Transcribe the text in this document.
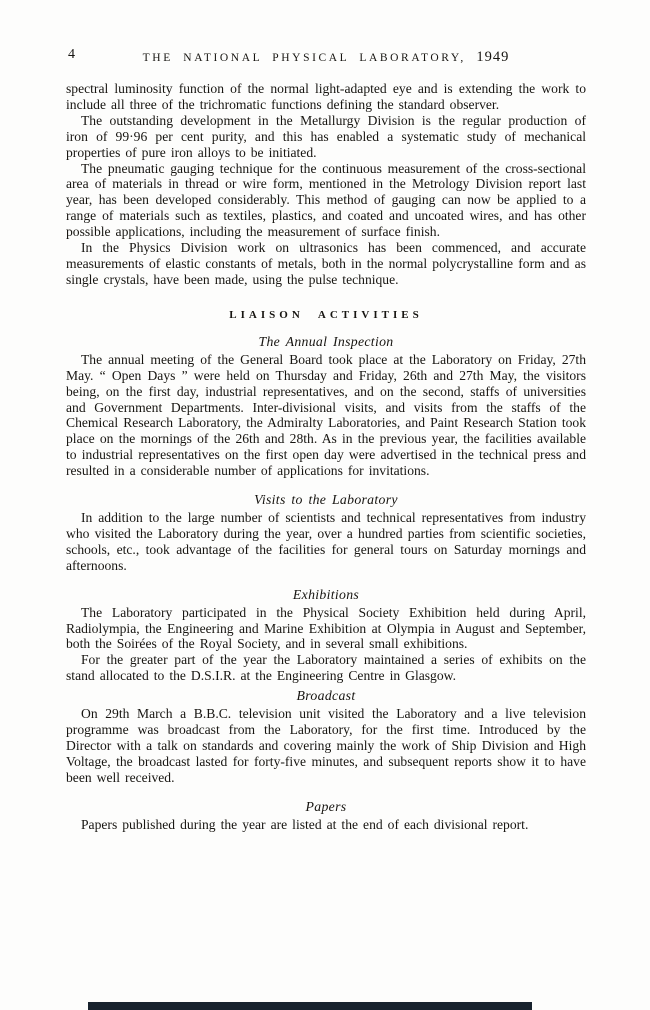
4	THE NATIONAL PHYSICAL LABORATORY, 1949

spectral luminosity function of the normal light-adapted eye and is extending the work to include all three of the trichromatic functions defining the standard observer.

The outstanding development in the Metallurgy Division is the regular production of iron of 99·96 per cent purity, and this has enabled a systematic study of mechanical properties of pure iron alloys to be initiated.

The pneumatic gauging technique for the continuous measurement of the cross-sectional area of materials in thread or wire form, mentioned in the Metrology Division report last year, has been developed considerably. This method of gauging can now be applied to a range of materials such as textiles, plastics, and coated and uncoated wires, and has other possible applications, including the measurement of surface finish.

In the Physics Division work on ultrasonics has been commenced, and accurate measurements of elastic constants of metals, both in the normal polycrystalline form and as single crystals, have been made, using the pulse technique.

LIAISON ACTIVITIES
The Annual Inspection

The annual meeting of the General Board took place at the Laboratory on Friday, 27th May. “ Open Days ” were held on Thursday and Friday, 26th and 27th May, the visitors being, on the first day, industrial representatives, and on the second, staffs of universities and Government Departments. Inter-divisional visits, and visits from the staffs of the Chemical Research Laboratory, the Admiralty Laboratories, and Paint Research Station took place on the mornings of the 26th and 28th. As in the previous year, the facilities available to industrial representatives on the first open day were advertised in the technical press and resulted in a considerable number of applications for invitations.

Visits to the Laboratory

In addition to the large number of scientists and technical representatives from industry who visited the Laboratory during the year, over a hundred parties from scientific societies, schools, etc., took advantage of the facilities for general tours on Saturday mornings and afternoons.

Exhibitions

The Laboratory participated in the Physical Society Exhibition held during April, Radiolympia, the Engineering and Marine Exhibition at Olympia in August and September, both the Soirées of the Royal Society, and in several small exhibitions.

For the greater part of the year the Laboratory maintained a series of exhibits on the stand allocated to the D.S.I.R. at the Engineering Centre in Glasgow.

Broadcast

On 29th March a B.B.C. television unit visited the Laboratory and a live television programme was broadcast from the Laboratory, for the first time. Introduced by the Director with a talk on standards and covering mainly the work of Ship Division and High Voltage, the broadcast lasted for forty-five minutes, and subsequent reports show it to have been well received.

Papers

Papers published during the year are listed at the end of each divisional report.
